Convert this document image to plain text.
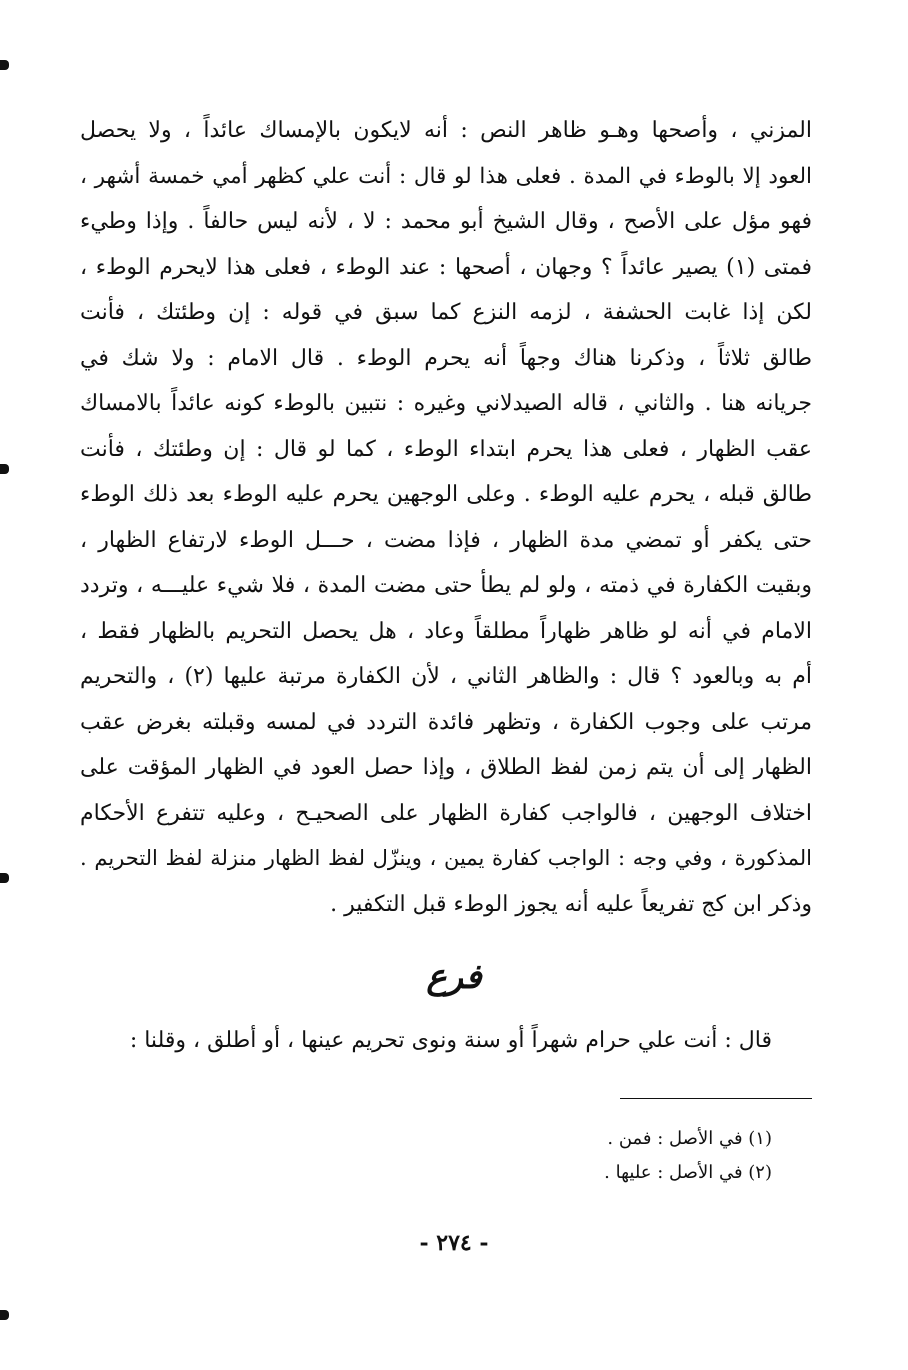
المزني ، وأصحها وهـو ظاهر النص : أنه لايكون بالإمساك عائداً ، ولا يحصل
العود إلا بالوطء في المدة . فعلى هذا لو قال : أنت علي كظهر أمي خمسة أشهر ،
فهو مؤل على الأصح ، وقال الشيخ أبو محمد : لا ، لأنه ليس حالفاً . وإذا وطيء
فمتى (١) يصير عائداً ؟ وجهان ، أصحها : عند الوطء ، فعلى هذا لايحرم الوطء ،
لكن إذا غابت الحشفة ، لزمه النزع كما سبق في قوله : إن وطئتك ، فأنت
طالق ثلاثاً ، وذكرنا هناك وجهاً أنه يحرم الوطء . قال الامام : ولا شك في
جريانه هنا . والثاني ، قاله الصيدلاني وغيره : نتبين بالوطء كونه عائداً بالامساك
عقب الظهار ، فعلى هذا يحرم ابتداء الوطء ، كما لو قال : إن وطئتك ، فأنت
طالق قبله ، يحرم عليه الوطء . وعلى الوجهين يحرم عليه الوطء بعد ذلك الوطء
حتى يكفر أو تمضي مدة الظهار ، فإذا مضت ، حـــل الوطء لارتفاع الظهار ،
وبقيت الكفارة في ذمته ، ولو لم يطأ حتى مضت المدة ، فلا شيء عليـــه ، وتردد
الامام في أنه لو ظاهر ظهاراً مطلقاً وعاد ، هل يحصل التحريم بالظهار فقط ،
أم به وبالعود ؟ قال : والظاهر الثاني ، لأن الكفارة مرتبة عليها (٢) ، والتحريم
مرتب على وجوب الكفارة ، وتظهر فائدة التردد في لمسه وقبلته بغرض عقب
الظهار إلى أن يتم زمن لفظ الطلاق ، وإذا حصل العود في الظهار المؤقت على
اختلاف الوجهين ، فالواجب كفارة الظهار على الصحيـح ، وعليه تتفرع الأحكام
المذكورة ، وفي وجه : الواجب كفارة يمين ، وينزّل لفظ الظهار منزلة لفظ التحريم .
وذكر ابن كج تفريعاً عليه أنه يجوز الوطء قبل التكفير .
فرع
قال : أنت علي حرام شهراً أو سنة ونوى تحريم عينها ، أو أطلق ، وقلنا :
(١) في الأصل : فمن .
(٢) في الأصل : عليها .
- ٢٧٤ -
